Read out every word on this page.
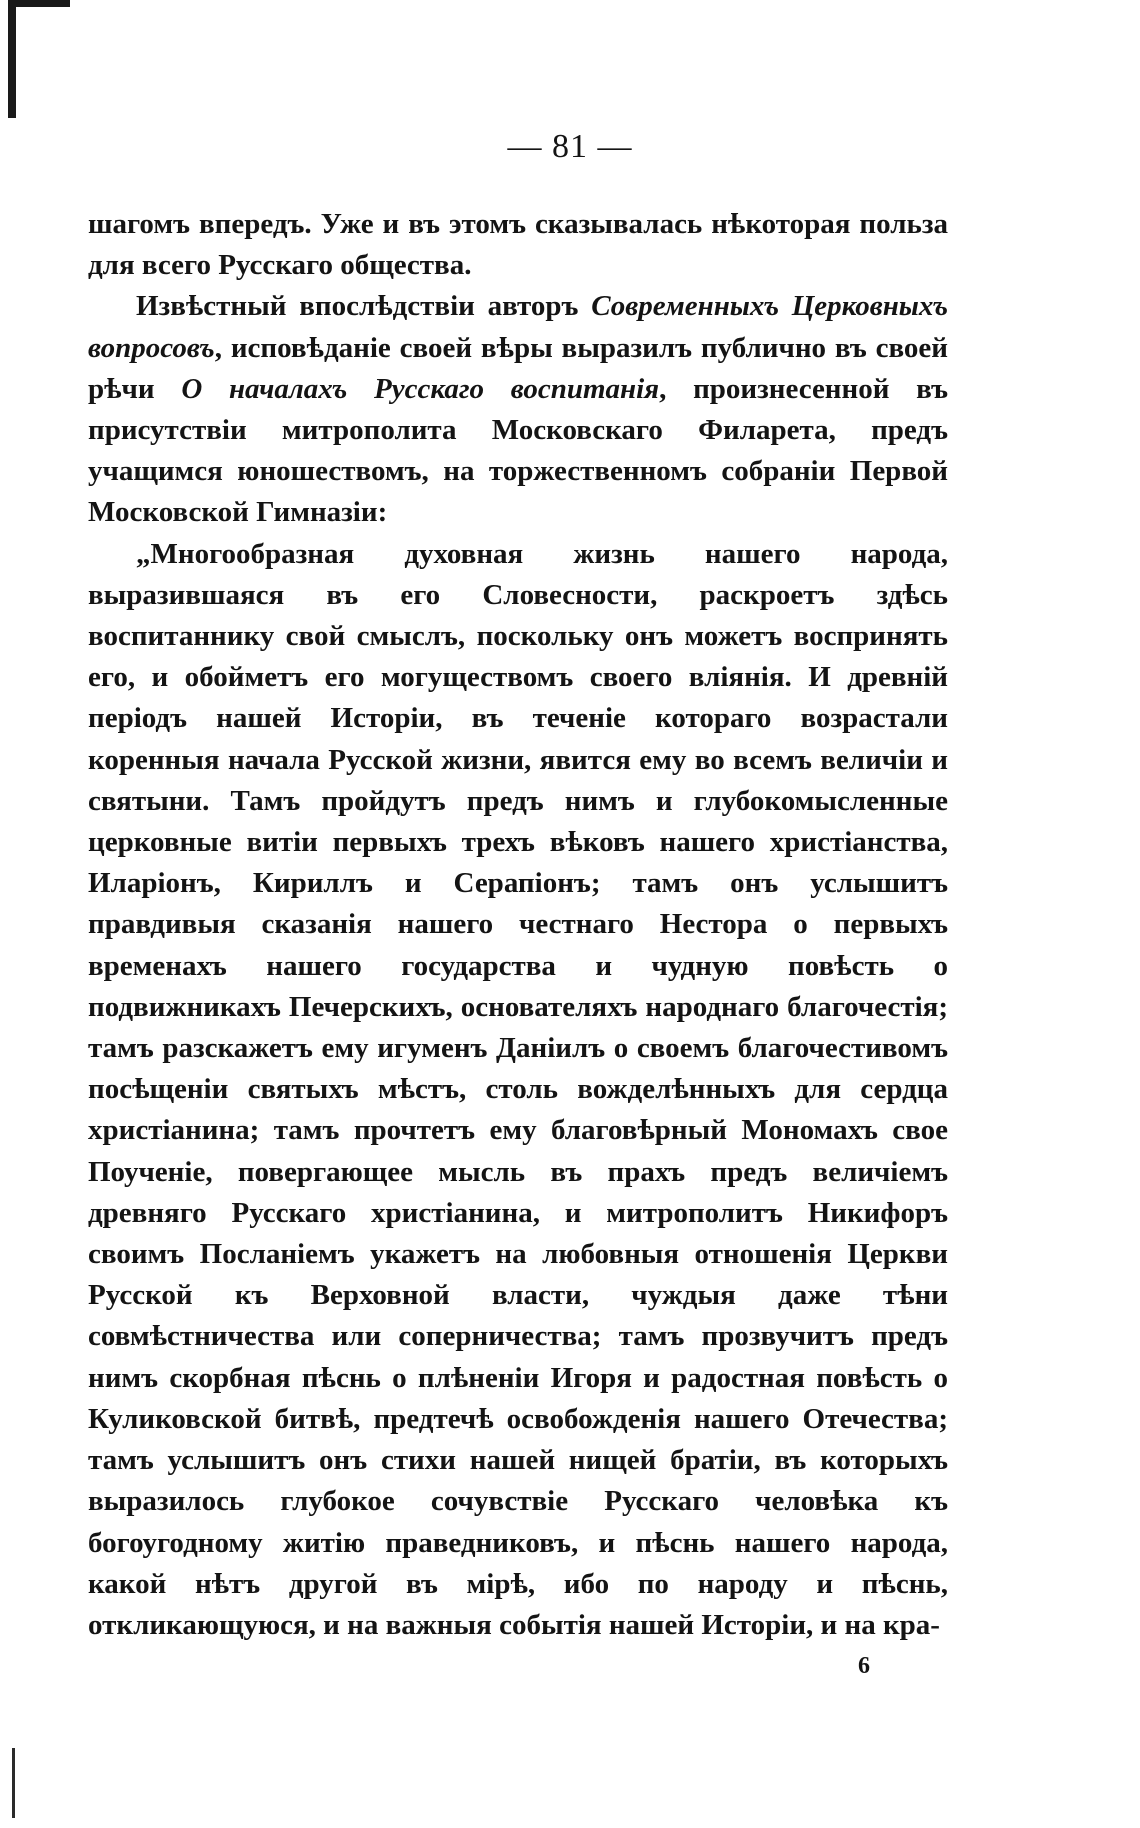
— 81 —

шагомъ впередъ. Уже и въ этомъ сказывалась нѣкоторая польза для всего Русскаго общества.

Извѣстный впослѣдствіи авторъ Современныхъ Церковныхъ вопросовъ, исповѣданіе своей вѣры выразилъ публично въ своей рѣчи О началахъ Русскаго воспитанія, произнесенной въ присутствіи митрополита Московскаго Филарета, предъ учащимся юношествомъ, на торжественномъ собраніи Первой Московской Гимназіи:

„Многообразная духовная жизнь нашего народа, выразившаяся въ его Словесности, раскроетъ здѣсь воспитаннику свой смыслъ, поскольку онъ можетъ воспринять его, и обойметъ его могуществомъ своего вліянія. И древній періодъ нашей Исторіи, въ теченіе котораго возрастали коренныя начала Русской жизни, явится ему во всемъ величіи и святыни. Тамъ пройдутъ предъ нимъ и глубокомысленные церковные витіи первыхъ трехъ вѣковъ нашего христіанства, Иларіонъ, Кириллъ и Серапіонъ; тамъ онъ услышитъ правдивыя сказанія нашего честнаго Нестора о первыхъ временахъ нашего государства и чудную повѣсть о подвижникахъ Печерскихъ, основателяхъ народнаго благочестія; тамъ разскажетъ ему игуменъ Даніилъ о своемъ благочестивомъ посѣщеніи святыхъ мѣстъ, столь вожделѣнныхъ для сердца христіанина; тамъ прочтетъ ему благовѣрный Мономахъ свое Поученіе, повергающее мысль въ прахъ предъ величіемъ древняго Русскаго христіанина, и митрополитъ Никифоръ своимъ Посланіемъ укажетъ на любовныя отношенія Церкви Русской къ Верховной власти, чуждыя даже тѣни совмѣстничества или соперничества; тамъ прозвучитъ предъ нимъ скорбная пѣснь о плѣненіи Игоря и радостная повѣсть о Куликовской битвѣ, предтечѣ освобожденія нашего Отечества; тамъ услышитъ онъ стихи нашей нищей братіи, въ которыхъ выразилось глубокое сочувствіе Русскаго человѣка къ богоугодному житію праведниковъ, и пѣснь нашего народа, какой нѣтъ другой въ мірѣ, ибо по народу и пѣснь, откликающуюся, и на важныя событія нашей Исторіи, и на кра-

6
